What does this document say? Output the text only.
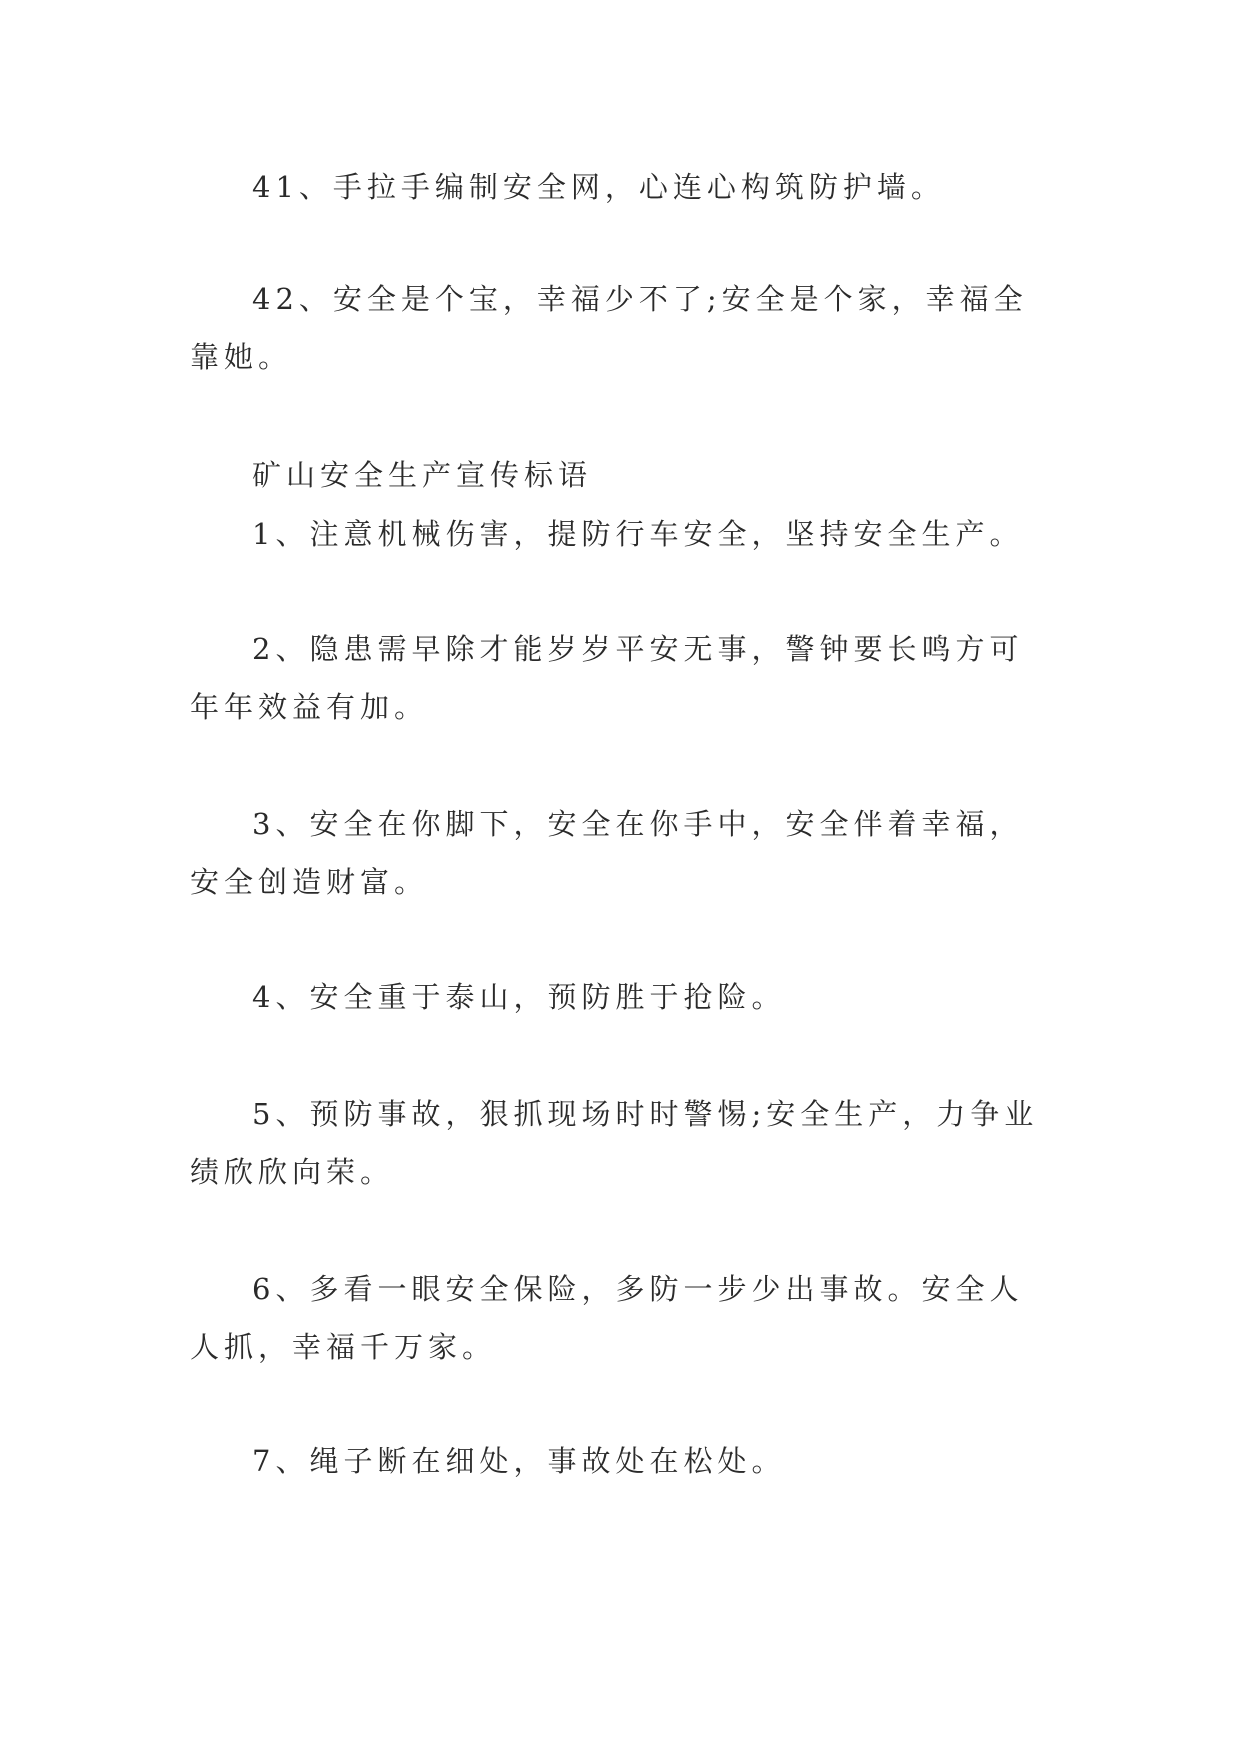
41、手拉手编制安全网，心连心构筑防护墙。

42、安全是个宝，幸福少不了;安全是个家，幸福全靠她。

矿山安全生产宣传标语

1、注意机械伤害，提防行车安全，坚持安全生产。

2、隐患需早除才能岁岁平安无事，警钟要长鸣方可年年效益有加。

3、安全在你脚下，安全在你手中，安全伴着幸福，安全创造财富。

4、安全重于泰山，预防胜于抢险。

5、预防事故，狠抓现场时时警惕;安全生产，力争业绩欣欣向荣。

6、多看一眼安全保险，多防一步少出事故。安全人人抓，幸福千万家。

7、绳子断在细处，事故处在松处。
